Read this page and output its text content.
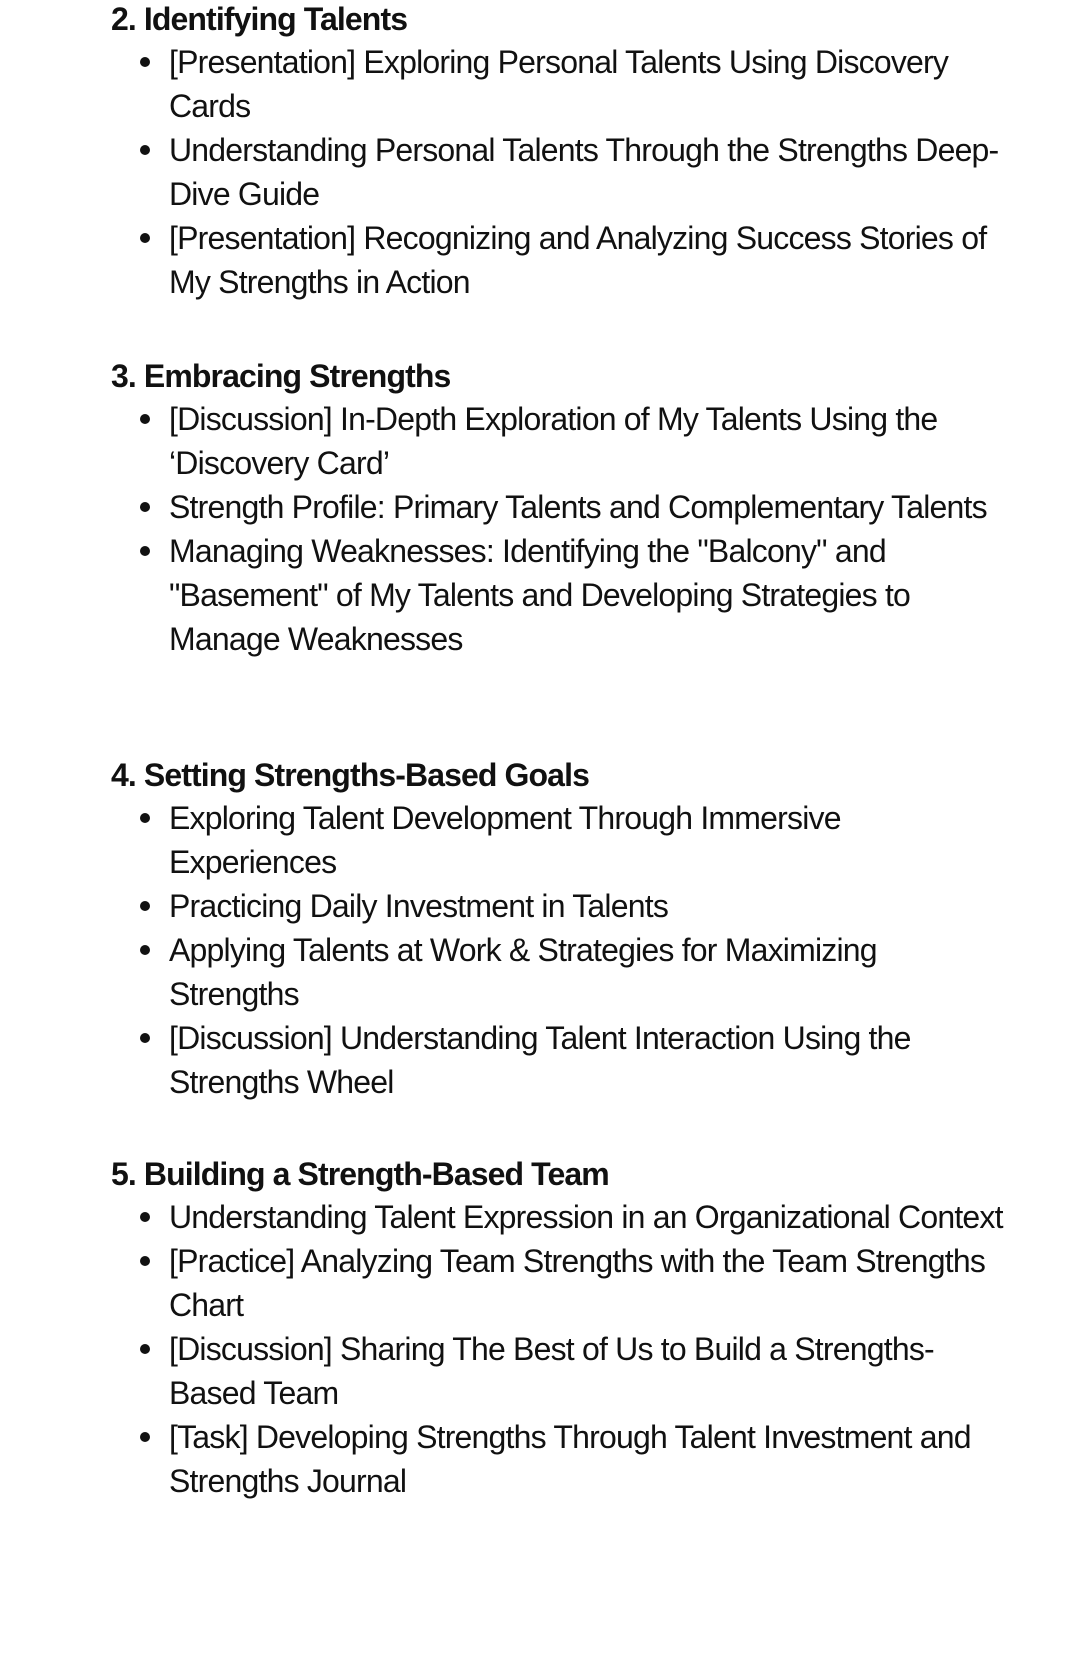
2. Identifying Talents
[Presentation] Exploring Personal Talents Using Discovery Cards
Understanding Personal Talents Through the Strengths Deep-Dive Guide
[Presentation] Recognizing and Analyzing Success Stories of My Strengths in Action
3. Embracing Strengths
[Discussion] In-Depth Exploration of My Talents Using the ‘Discovery Card’
Strength Profile: Primary Talents and Complementary Talents
Managing Weaknesses: Identifying the "Balcony" and "Basement" of My Talents and Developing Strategies to Manage Weaknesses
4. Setting Strengths-Based Goals
Exploring Talent Development Through Immersive Experiences
Practicing Daily Investment in Talents
Applying Talents at Work & Strategies for Maximizing Strengths
[Discussion] Understanding Talent Interaction Using the Strengths Wheel
5. Building a Strength-Based Team
Understanding Talent Expression in an Organizational Context
[Practice] Analyzing Team Strengths with the Team Strengths Chart
[Discussion] Sharing The Best of Us to Build a Strengths-Based Team
[Task] Developing Strengths Through Talent Investment and Strengths Journal
